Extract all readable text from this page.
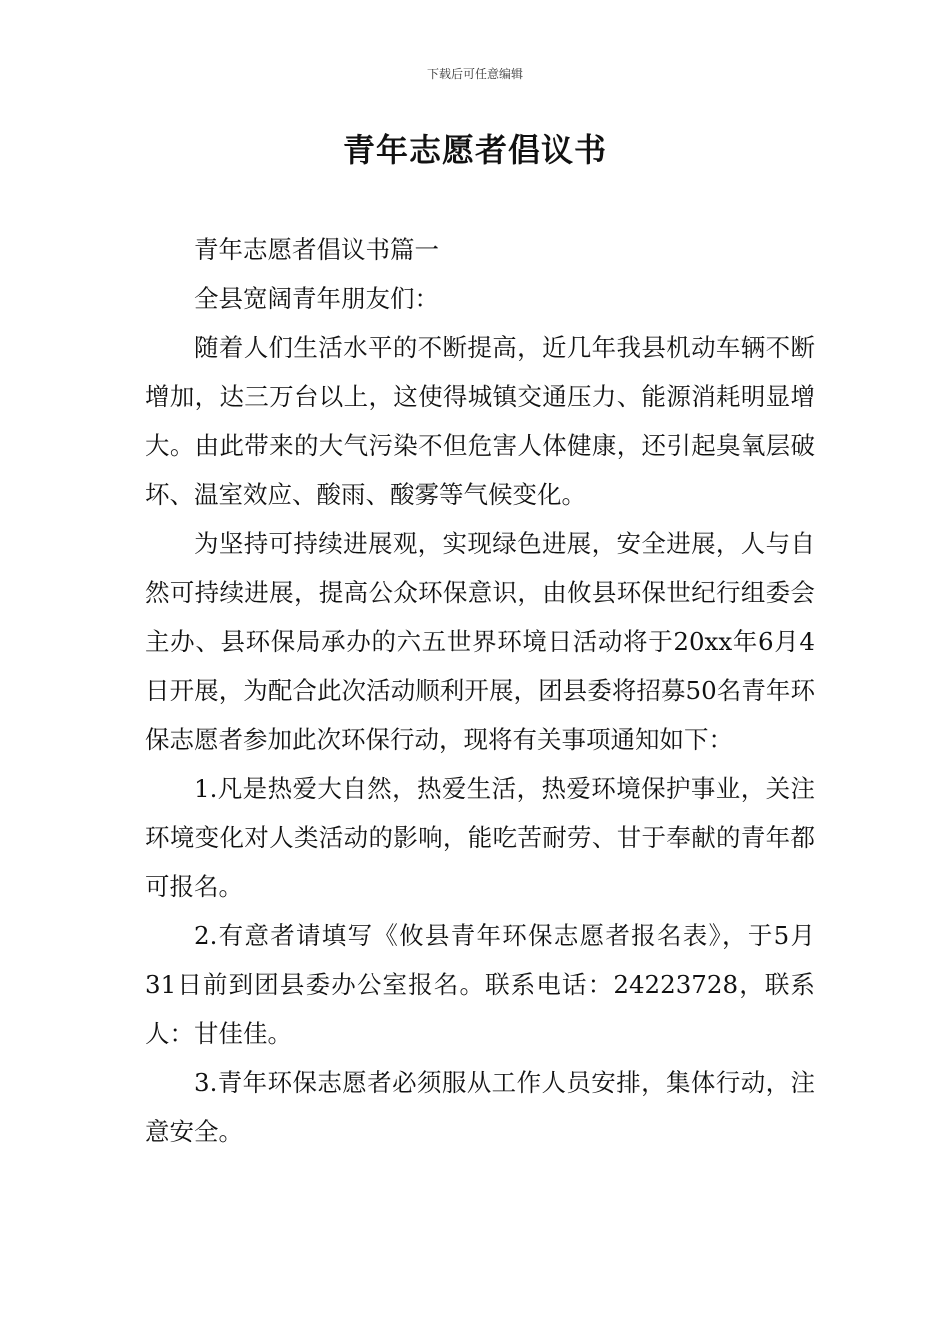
下载后可任意编辑
青年志愿者倡议书

青年志愿者倡议书篇一

全县宽阔青年朋友们：

随着人们生活水平的不断提高，近几年我县机动车辆不断增加，达三万台以上，这使得城镇交通压力、能源消耗明显增大。由此带来的大气污染不但危害人体健康，还引起臭氧层破坏、温室效应、酸雨、酸雾等气候变化。

为坚持可持续进展观，实现绿色进展，安全进展，人与自然可持续进展，提高公众环保意识，由攸县环保世纪行组委会主办、县环保局承办的六五世界环境日活动将于20xx年6月4日开展，为配合此次活动顺利开展，团县委将招募50名青年环保志愿者参加此次环保行动，现将有关事项通知如下：

1.凡是热爱大自然，热爱生活，热爱环境保护事业，关注环境变化对人类活动的影响，能吃苦耐劳、甘于奉献的青年都可报名。

2.有意者请填写《攸县青年环保志愿者报名表》，于5月31日前到团县委办公室报名。联系电话：24223728，联系人：甘佳佳。

3.青年环保志愿者必须服从工作人员安排，集体行动，注意安全。
